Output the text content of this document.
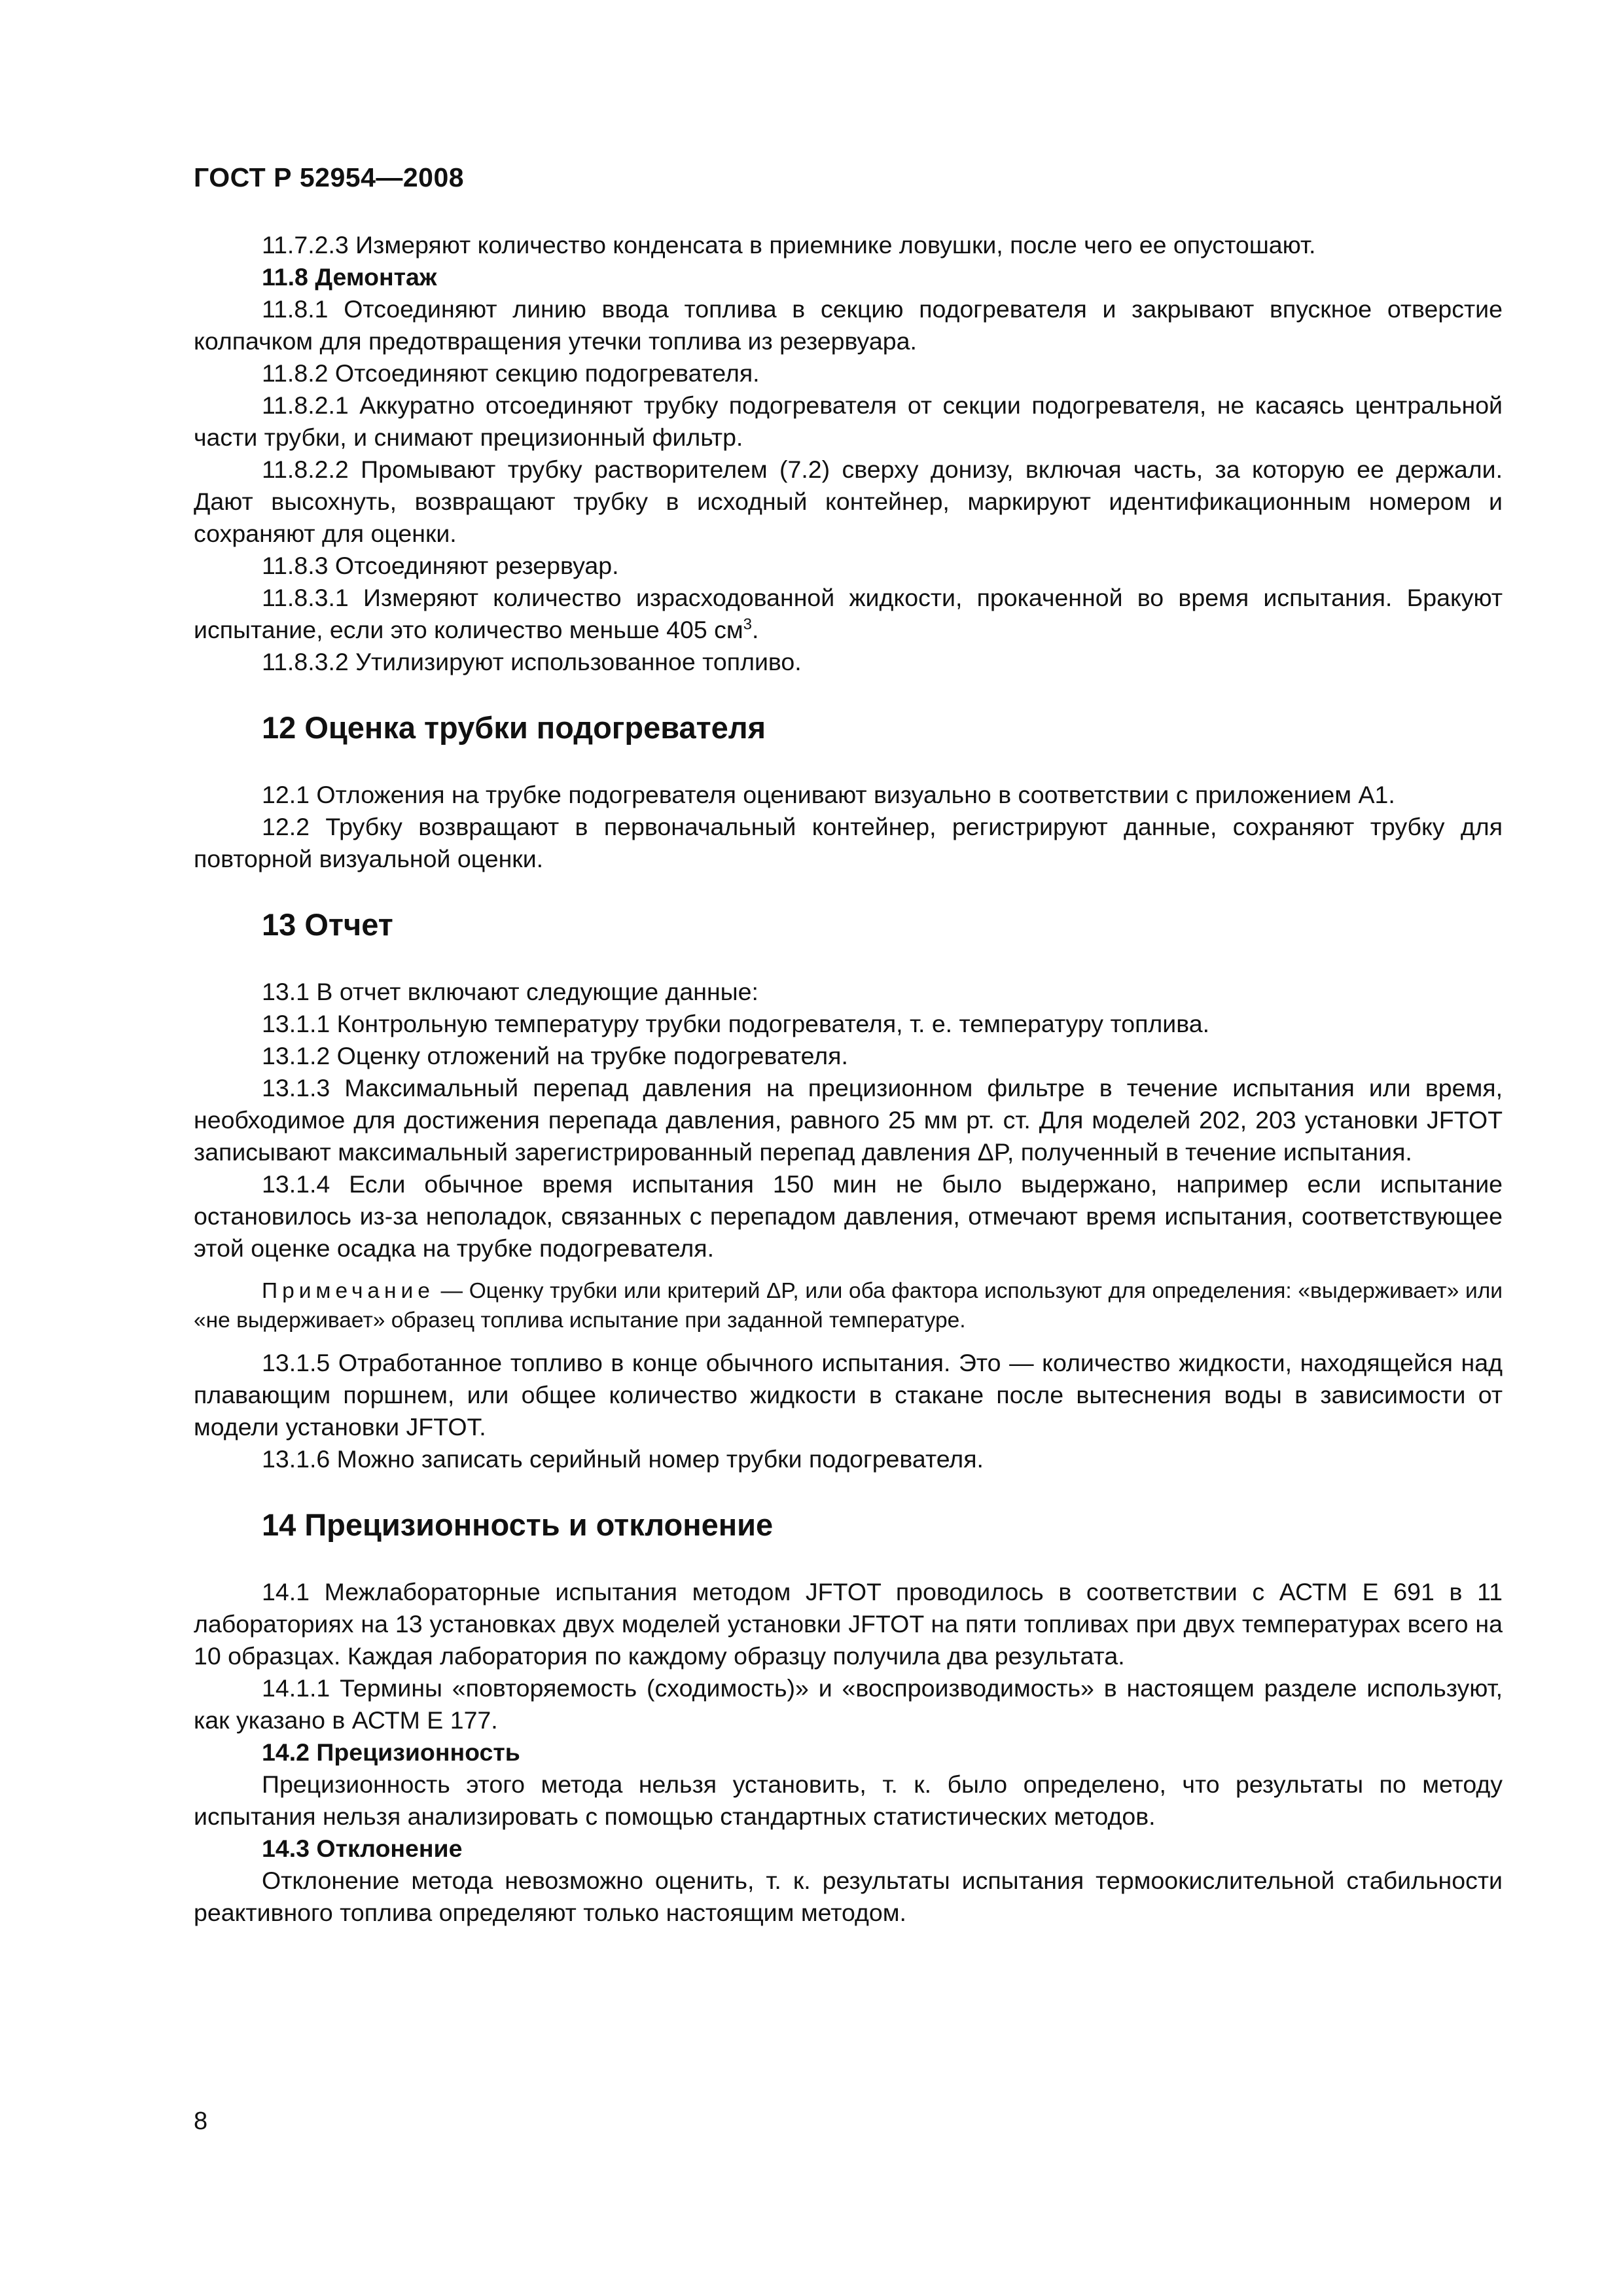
ГОСТ Р 52954—2008

11.7.2.3 Измеряют количество конденсата в приемнике ловушки, после чего ее опустошают.

11.8 Демонтаж

11.8.1 Отсоединяют линию ввода топлива в секцию подогревателя и закрывают впускное отверстие колпачком для предотвращения утечки топлива из резервуара.

11.8.2 Отсоединяют секцию подогревателя.

11.8.2.1 Аккуратно отсоединяют трубку подогревателя от секции подогревателя, не касаясь центральной части трубки, и снимают прецизионный фильтр.

11.8.2.2 Промывают трубку растворителем (7.2) сверху донизу, включая часть, за которую ее держали. Дают высохнуть, возвращают трубку в исходный контейнер, маркируют идентификационным номером и сохраняют для оценки.

11.8.3 Отсоединяют резервуар.

11.8.3.1 Измеряют количество израсходованной жидкости, прокаченной во время испытания. Бракуют испытание, если это количество меньше 405 $см^3$.

11.8.3.2 Утилизируют использованное топливо.

12 Оценка трубки подогревателя

12.1 Отложения на трубке подогревателя оценивают визуально в соответствии с приложением А1.

12.2 Трубку возвращают в первоначальный контейнер, регистрируют данные, сохраняют трубку для повторной визуальной оценки.

13 Отчет

13.1 В отчет включают следующие данные:

13.1.1 Контрольную температуру трубки подогревателя, т. е. температуру топлива.

13.1.2 Оценку отложений на трубке подогревателя.

13.1.3 Максимальный перепад давления на прецизионном фильтре в течение испытания или время, необходимое для достижения перепада давления, равного 25 мм рт. ст. Для моделей 202, 203 установки JFTOT записывают максимальный зарегистрированный перепад давления ΔP, полученный в течение испытания.

13.1.4 Если обычное время испытания 150 мин не было выдержано, например если испытание остановилось из-за неполадок, связанных с перепадом давления, отмечают время испытания, соответствующее этой оценке осадка на трубке подогревателя.

Примечание — Оценку трубки или критерий ΔP, или оба фактора используют для определения: «выдерживает» или «не выдерживает» образец топлива испытание при заданной температуре.

13.1.5 Отработанное топливо в конце обычного испытания. Это — количество жидкости, находящейся над плавающим поршнем, или общее количество жидкости в стакане после вытеснения воды в зависимости от модели установки JFTOT.

13.1.6 Можно записать серийный номер трубки подогревателя.

14 Прецизионность и отклонение

14.1 Межлабораторные испытания методом JFTOT проводилось в соответствии с АСТМ Е 691 в 11 лабораториях на 13 установках двух моделей установки JFTOT на пяти топливах при двух температурах всего на 10 образцах. Каждая лаборатория по каждому образцу получила два результата.

14.1.1 Термины «повторяемость (сходимость)» и «воспроизводимость» в настоящем разделе используют, как указано в АСТМ Е 177.

14.2 Прецизионность

Прецизионность этого метода нельзя установить, т. к. было определено, что результаты по методу испытания нельзя анализировать с помощью стандартных статистических методов.

14.3 Отклонение

Отклонение метода невозможно оценить, т. к. результаты испытания термоокислительной стабильности реактивного топлива определяют только настоящим методом.

8
